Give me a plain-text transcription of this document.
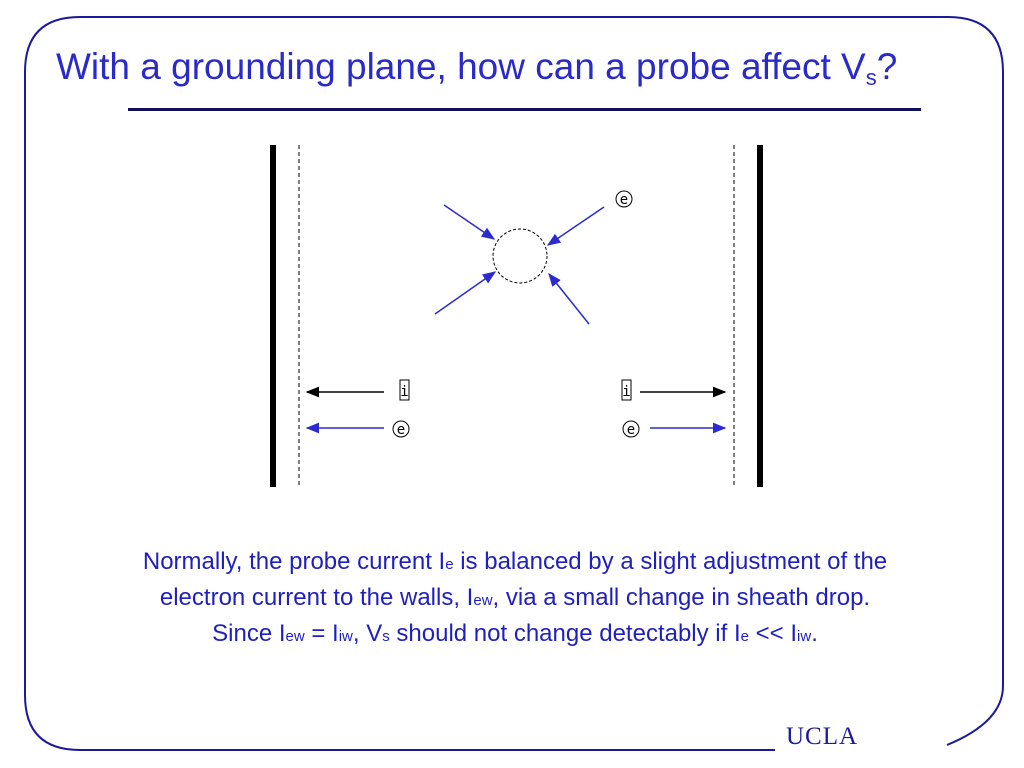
With a grounding plane, how can a probe affect $V_s$?
e
i
e
i
e
Normally, the probe current Ie is balanced by a slight adjustment of the
electron current to the walls, Iew, via a small change in sheath drop.
Since Iew = Iiw, Vs should not change detectably if Ie << Iiw.
UCLA
